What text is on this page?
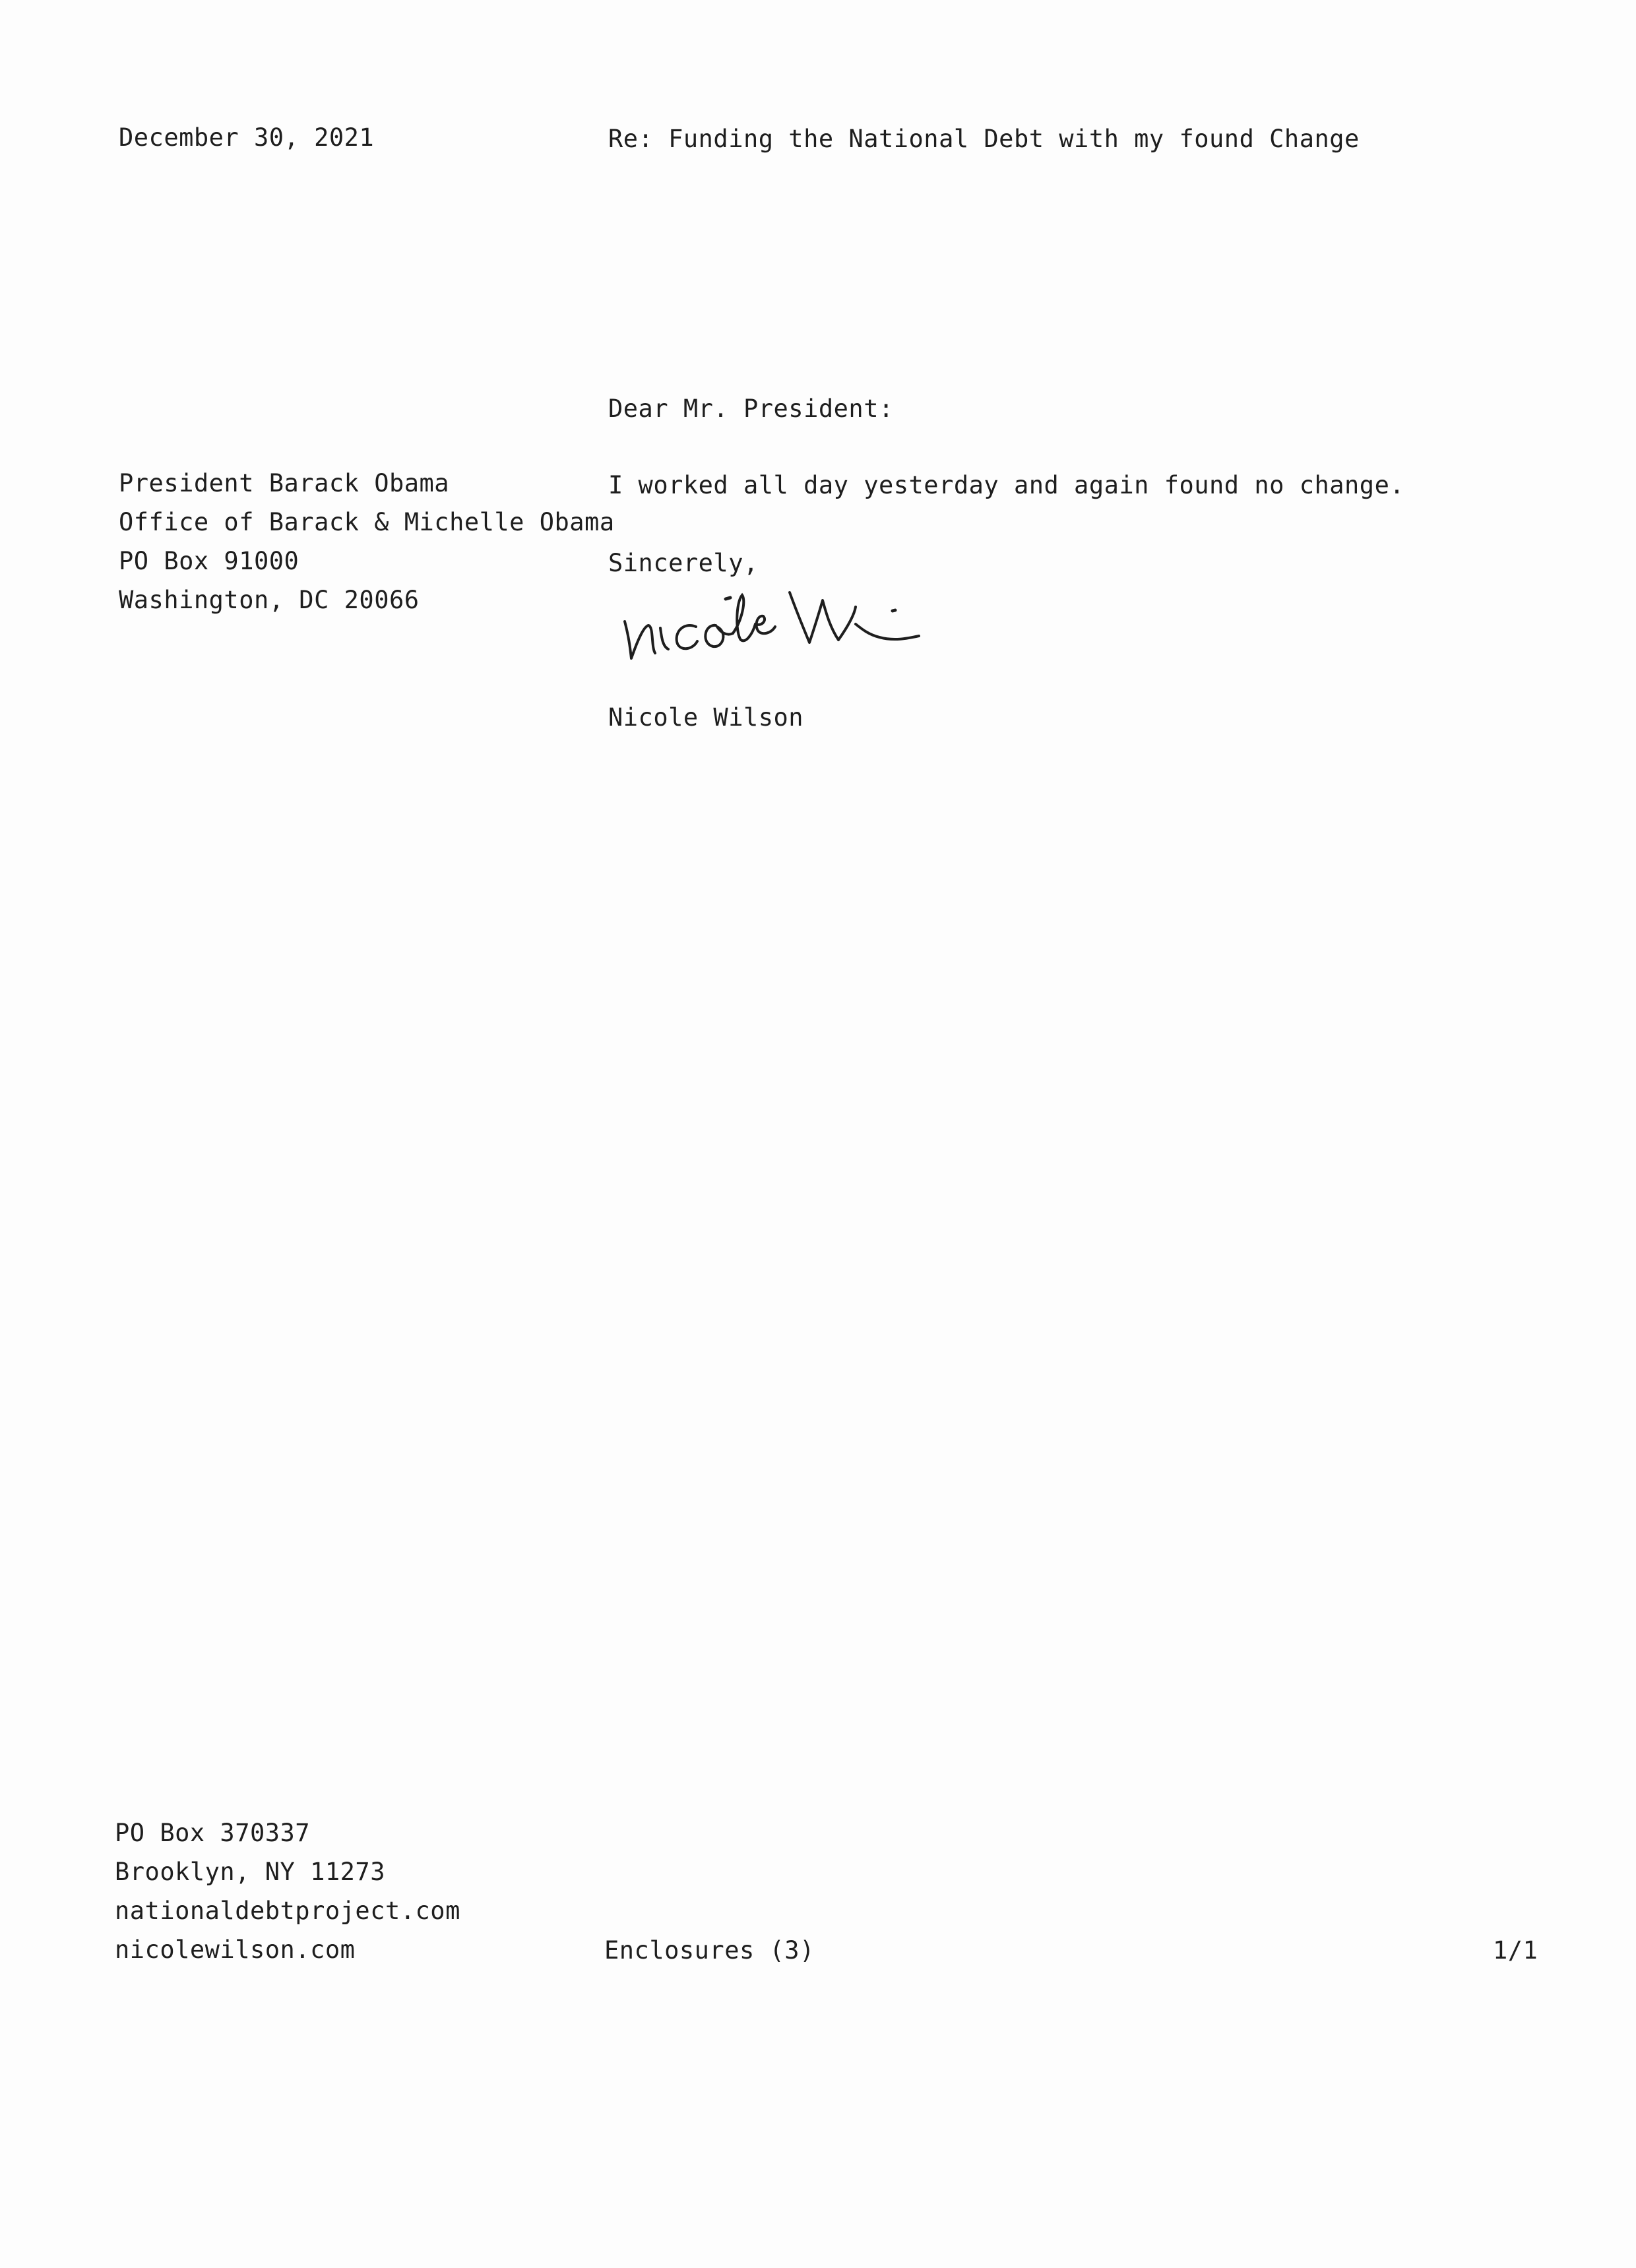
December 30, 2021	Re: Funding the National Debt with my found Change
Dear Mr. President:
President Barack Obama
Office of Barack & Michelle Obama
PO Box 91000
Washington, DC 20066
I worked all day yesterday and again found no change.
Sincerely,
Nicole Wilson
PO Box 370337
Brooklyn, NY 11273
nationaldebtproject.com
nicolewilson.com	Enclosures (3)	1/1
